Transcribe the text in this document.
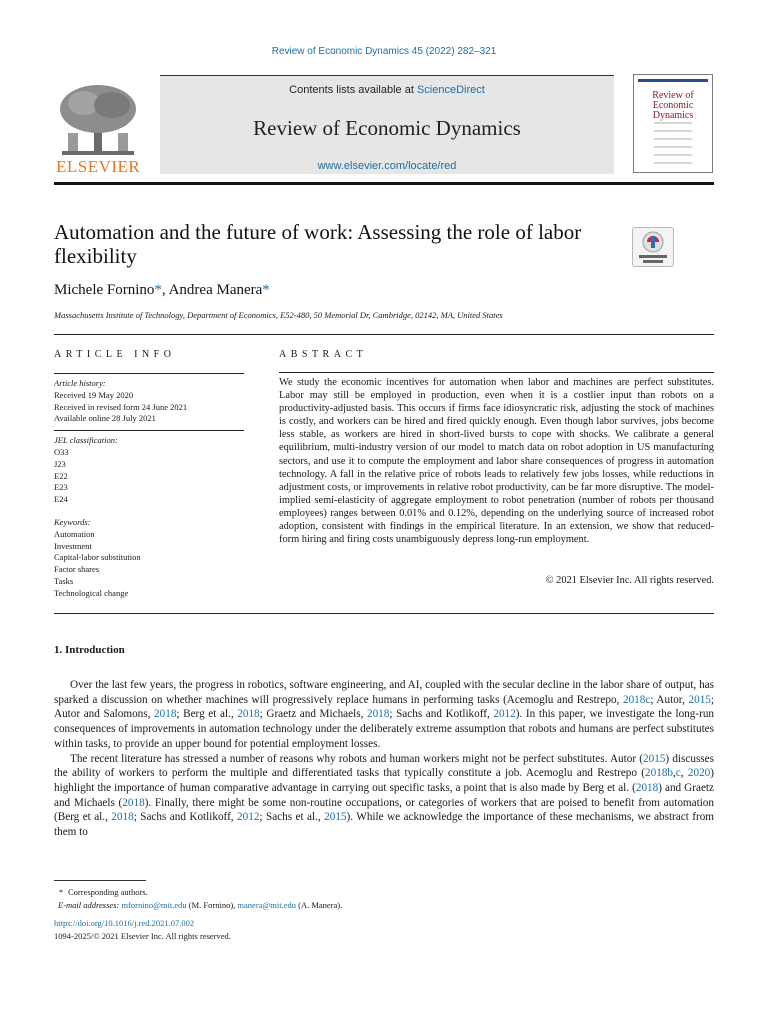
Review of Economic Dynamics 45 (2022) 282–321
ELSEVIER
Contents lists available at ScienceDirect
Review of Economic Dynamics
www.elsevier.com/locate/red
Review of Economic Dynamics
Automation and the future of work: Assessing the role of labor flexibility
Michele Fornino*, Andrea Manera*
Massachusetts Institute of Technology, Department of Economics, E52-480, 50 Memorial Dr, Cambridge, 02142, MA, United States
ARTICLE INFO	ABSTRACT
Article history:
Received 19 May 2020
Received in revised form 24 June 2021
Available online 28 July 2021
JEL classification:
O33
J23
E22
E23
E24
Keywords:
Automation
Investment
Capital-labor substitution
Factor shares
Tasks
Technological change

We study the economic incentives for automation when labor and machines are perfect substitutes. Labor may still be employed in production, even when it is a costlier input than robots on a productivity-adjusted basis. This occurs if firms face idiosyncratic risk, adjusting the stock of machines is costly, and workers can be hired and fired quickly enough. Even though labor survives, jobs become less stable, as workers are hired in short-lived bursts to cope with shocks. We calibrate a general equilibrium, multi-industry version of our model to match data on robot adoption in US manufacturing sectors, and use it to compute the employment and labor share consequences of progress in automation technology. A fall in the relative price of robots leads to relatively few jobs losses, while reductions in adjustment costs, or improvements in relative robot productivity, can be far more disruptive. The model-implied semi-elasticity of aggregate employment to robot penetration (number of robots per thousand employees) ranges between 0.01% and 0.12%, depending on the underlying source of increased robot adoption, consistent with findings in the empirical literature. In an extension, we show that reduced-form hiring and firing costs unambiguously depress long-run employment.

© 2021 Elsevier Inc. All rights reserved.
1. Introduction

Over the last few years, the progress in robotics, software engineering, and AI, coupled with the secular decline in the labor share of output, has sparked a discussion on whether machines will progressively replace humans in performing tasks (Acemoglu and Restrepo, 2018c; Autor, 2015; Autor and Salomons, 2018; Berg et al., 2018; Graetz and Michaels, 2018; Sachs and Kotlikoff, 2012). In this paper, we investigate the long-run consequences of improvements in automation technology under the deliberately extreme assumption that robots and humans are perfect substitutes within tasks, to provide an upper bound for potential employment losses.

The recent literature has stressed a number of reasons why robots and human workers might not be perfect substitutes. Autor (2015) discusses the ability of workers to perform the multiple and differentiated tasks that typically constitute a job. Acemoglu and Restrepo (2018b,c, 2020) highlight the importance of human comparative advantage in carrying out specific tasks, a point that is also made by Berg et al. (2018) and Graetz and Michaels (2018). Finally, there might be some non-routine occupations, or categories of workers that are poised to benefit from automation (Berg et al., 2018; Sachs and Kotlikoff, 2012; Sachs et al., 2015). While we acknowledge the importance of these mechanisms, we abstract from them to

* Corresponding authors.
E-mail addresses: mfornino@mit.edu (M. Fornino), manera@mit.edu (A. Manera).
https://doi.org/10.1016/j.red.2021.07.002
1094-2025/© 2021 Elsevier Inc. All rights reserved.
